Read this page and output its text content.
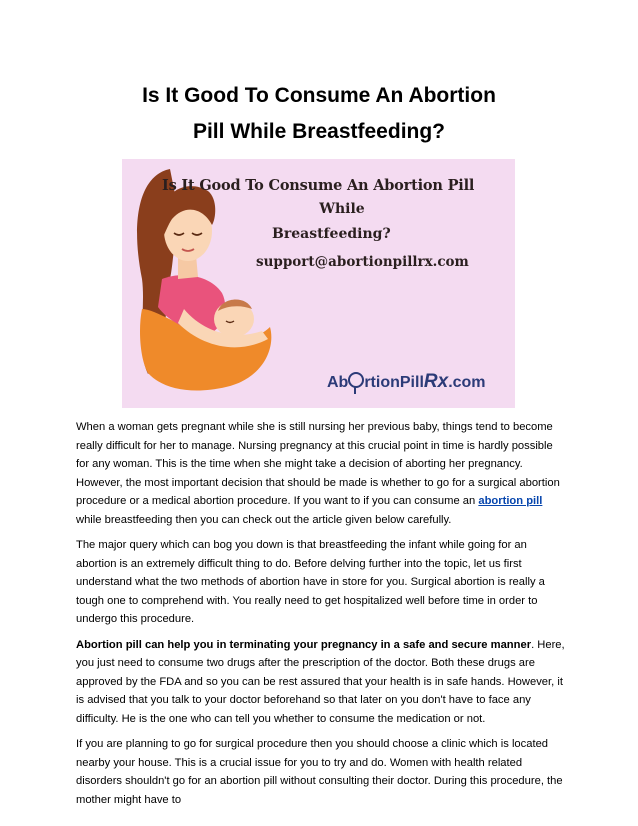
Is It Good To Consume An Abortion
Pill While Breastfeeding?
Is It Good To Consume An Abortion Pill
While
Breastfeeding?
support@abortionpillrx.com
Ab rtionPillRx.com

When a woman gets pregnant while she is still nursing her previous baby, things tend to become really difficult for her to manage. Nursing pregnancy at this crucial point in time is hardly possible for any woman. This is the time when she might take a decision of aborting her pregnancy. However, the most important decision that should be made is whether to go for a surgical abortion procedure or a medical abortion procedure. If you want to if you can consume an abortion pill while breastfeeding then you can check out the article given below carefully.

The major query which can bog you down is that breastfeeding the infant while going for an abortion is an extremely difficult thing to do. Before delving further into the topic, let us first understand what the two methods of abortion have in store for you. Surgical abortion is really a tough one to comprehend with. You really need to get hospitalized well before time in order to undergo this procedure.

Abortion pill can help you in terminating your pregnancy in a safe and secure manner. Here, you just need to consume two drugs after the prescription of the doctor. Both these drugs are approved by the FDA and so you can be rest assured that your health is in safe hands. However, it is advised that you talk to your doctor beforehand so that later on you don't have to face any difficulty. He is the one who can tell you whether to consume the medication or not.

If you are planning to go for surgical procedure then you should choose a clinic which is located nearby your house. This is a crucial issue for you to try and do. Women with health related disorders shouldn't go for an abortion pill without consulting their doctor. During this procedure, the mother might have to
